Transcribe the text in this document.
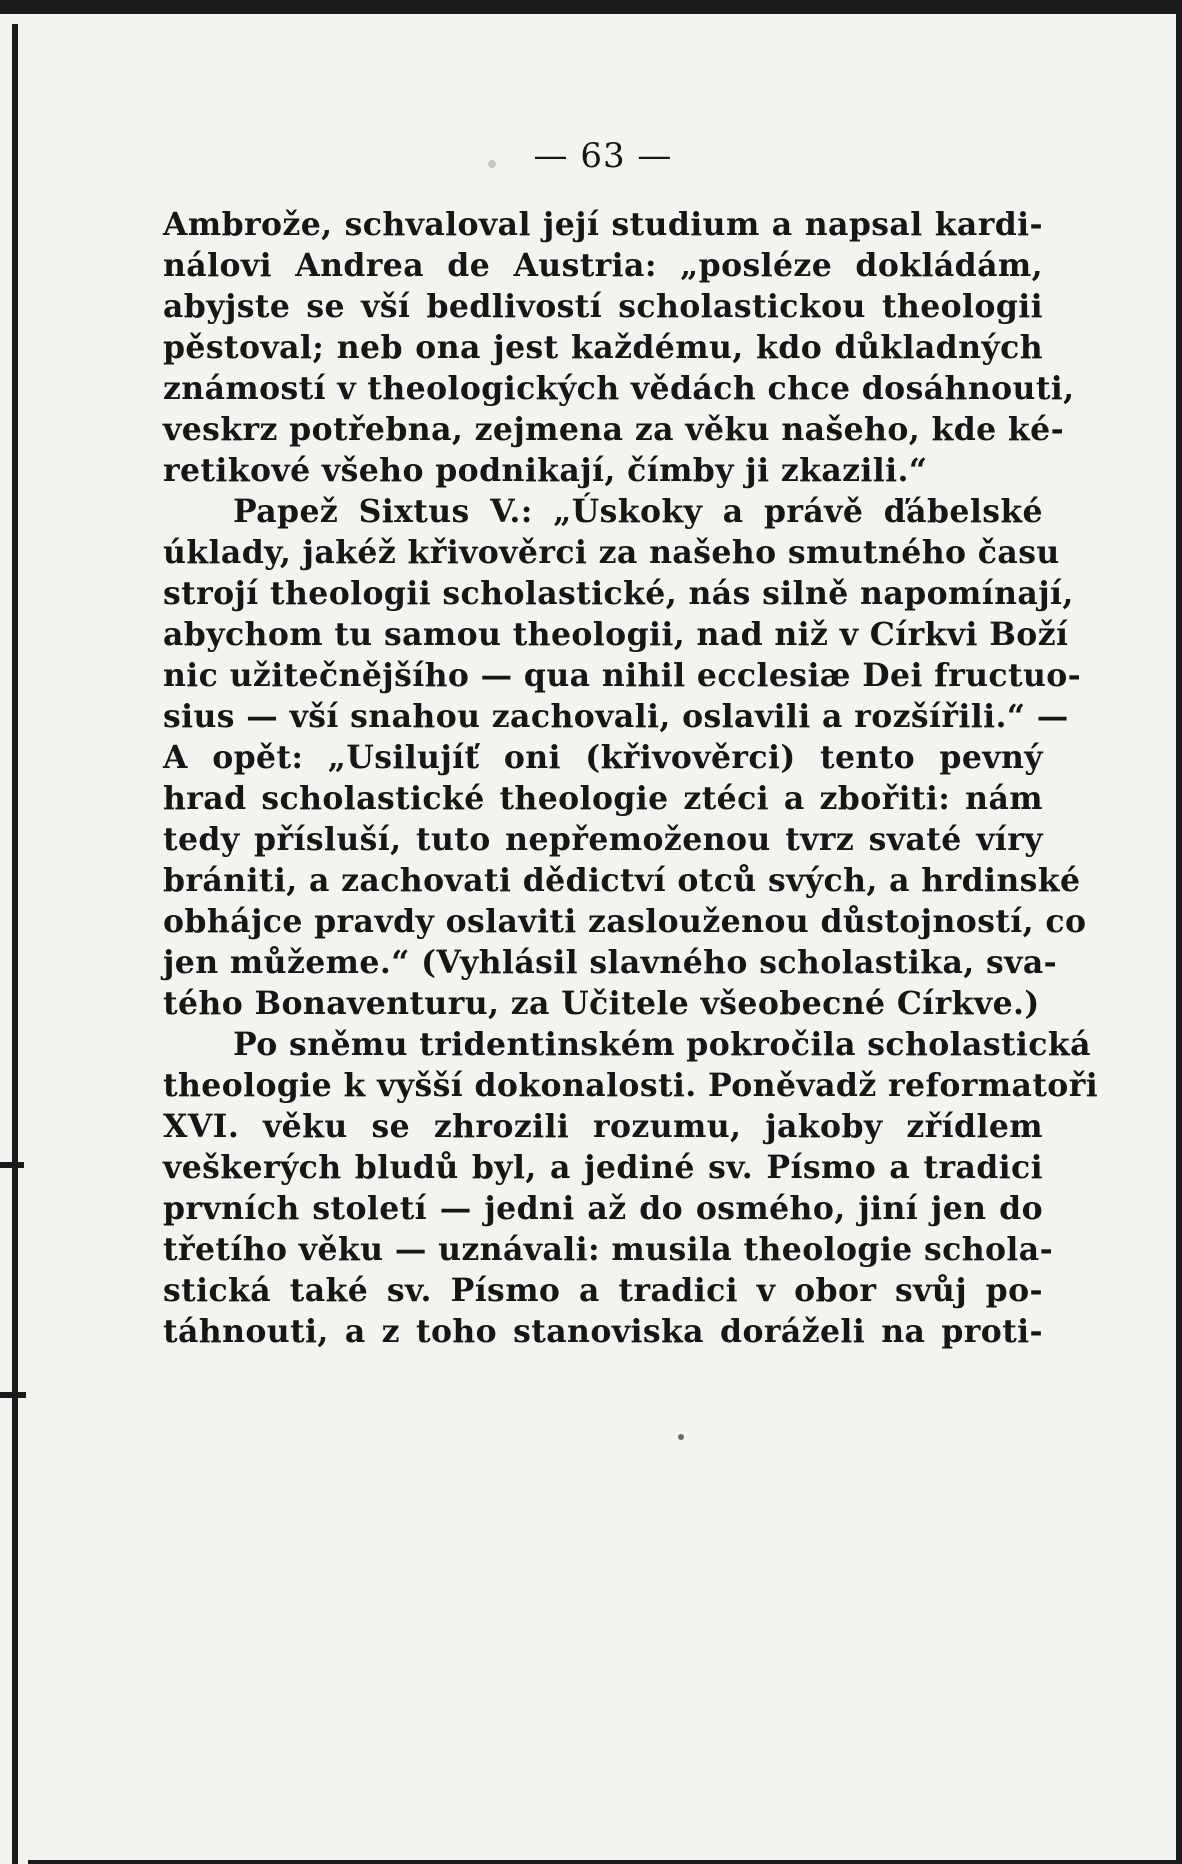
— 63 —

Ambrože, schvaloval její studium a napsal kardi-
nálovi Andrea de Austria: „posléze dokládám,
abyjste se vší bedlivostí scholastickou theologii
pěstoval; neb ona jest každému, kdo důkladných
známostí v theologických vědách chce dosáhnouti,
veskrz potřebna, zejmena za věku našeho, kde ké-
retikové všeho podnikají, čímby ji zkazili.“
Papež Sixtus V.: „Úskoky a právě ďábelské
úklady, jakéž křivověrci za našeho smutného času
strojí theologii scholastické, nás silně napomínají,
abychom tu samou theologii, nad niž v Církvi Boží
nic užitečnějšího — qua nihil ecclesiæ Dei fructuo-
sius — vší snahou zachovali, oslavili a rozšířili.“ —
A opět: „Usilujíť oni (křivověrci) tento pevný
hrad scholastické theologie ztéci a zbořiti: nám
tedy přísluší, tuto nepřemoženou tvrz svaté víry
brániti, a zachovati dědictví otců svých, a hrdinské
obhájce pravdy oslaviti zaslouženou důstojností, co
jen můžeme.“ (Vyhlásil slavného scholastika, sva-
tého Bonaventuru, za Učitele všeobecné Církve.)
Po sněmu tridentinském pokročila scholastická
theologie k vyšší dokonalosti. Poněvadž reformatoři
XVI. věku se zhrozili rozumu, jakoby zřídlem
veškerých bludů byl, a jediné sv. Písmo a tradici
prvních století — jedni až do osmého, jiní jen do
třetího věku — uznávali: musila theologie schola-
stická také sv. Písmo a tradici v obor svůj po-
táhnouti, a z toho stanoviska doráželi na proti-
